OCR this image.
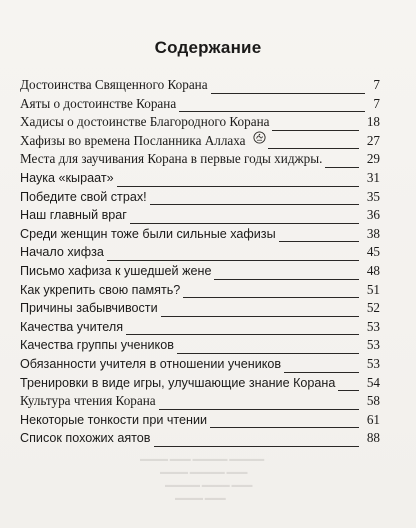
▬▬▬▬ ▬▬▬ ▬▬▬▬▬ ▬▬▬▬▬
▬▬▬▬ ▬▬▬▬▬ ▬▬▬
▬▬▬▬▬ ▬▬▬▬ ▬▬▬
▬▬▬▬ ▬▬▬
Содержание
Достоинства Священного Корана	7
Аяты о достоинстве Корана	7
Хадисы о достоинстве Благородного Корана	18
Хафизы во времена Посланника Аллаха	27
Места для заучивания Корана в первые годы хиджры.	29
Наука «кыраат»	31
Победите свой страх!	35
Наш главный враг	36
Среди женщин тоже были сильные хафизы	38
Начало хифза	45
Письмо хафиза к ушедшей жене	48
Как укрепить свою память?	51
Причины забывчивости	52
Качества учителя	53
Качества группы учеников	53
Обязанности учителя в отношении учеников	53
Тренировки в виде игры, улучшающие знание Корана 54
Культура чтения Корана	58
Некоторые тонкости при чтении	61
Список похожих аятов	88
